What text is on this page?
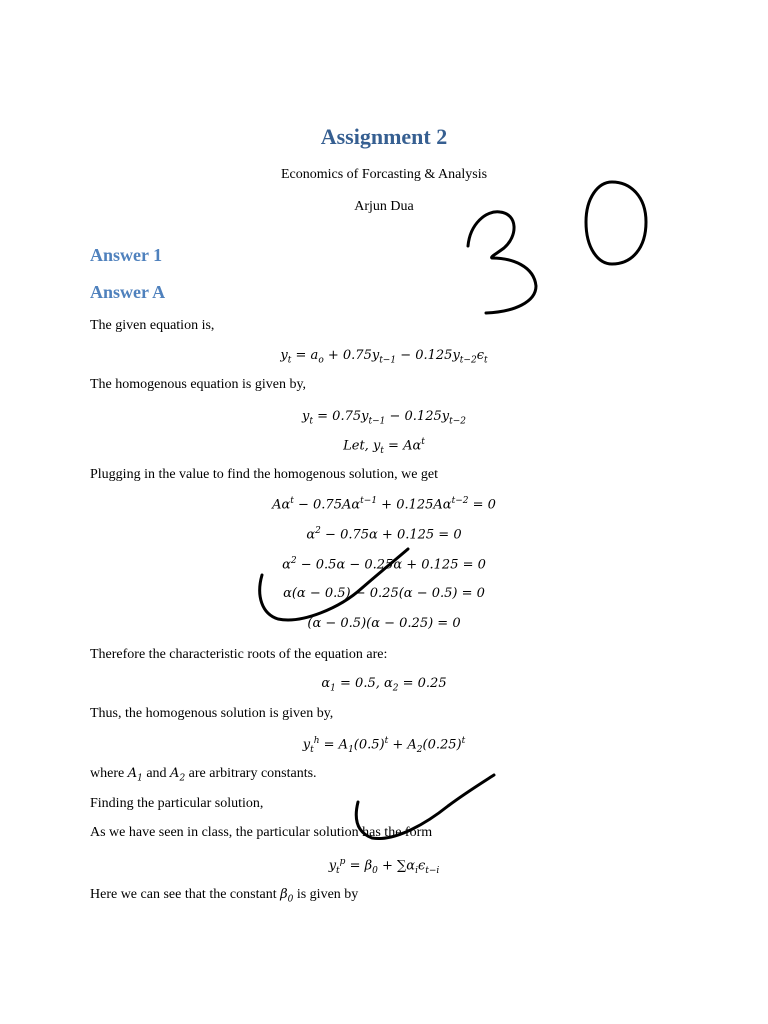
Assignment 2
Economics of Forcasting & Analysis
Arjun Dua
Answer 1
Answer A
The given equation is,
$y_t = a_o + 0.75y_{t-1} - 0.125y_{t-2}\epsilon_t$
The homogenous equation is given by,
$y_t = 0.75y_{t-1} - 0.125y_{t-2}$
Let, $y_t = A\alpha^t$
Plugging in the value to find the homogenous solution, we get
$A\alpha^t - 0.75A\alpha^{t-1} + 0.125A\alpha^{t-2} = 0$
$\alpha^2 - 0.75\alpha + 0.125 = 0$
$\alpha^2 - 0.5\alpha - 0.25\alpha + 0.125 = 0$
α(α − 0.5) − 0.25(α − 0.5) = 0
(α − 0.5)(α − 0.25) = 0
Therefore the characteristic roots of the equation are:
$\alpha_1 = 0.5$, $\alpha_2 = 0.25$
Thus, the homogenous solution is given by,
$y_t^h = A_1(0.5)^t + A_2(0.25)^t$
where $A_1$ and $A_2$ are arbitrary constants.
Finding the particular solution,
As we have seen in class, the particular solution has the form
$y_t^p = \beta_0 + \sum\alpha_i\epsilon_{t-i}$
Here we can see that the constant $\beta_0$ is given by
